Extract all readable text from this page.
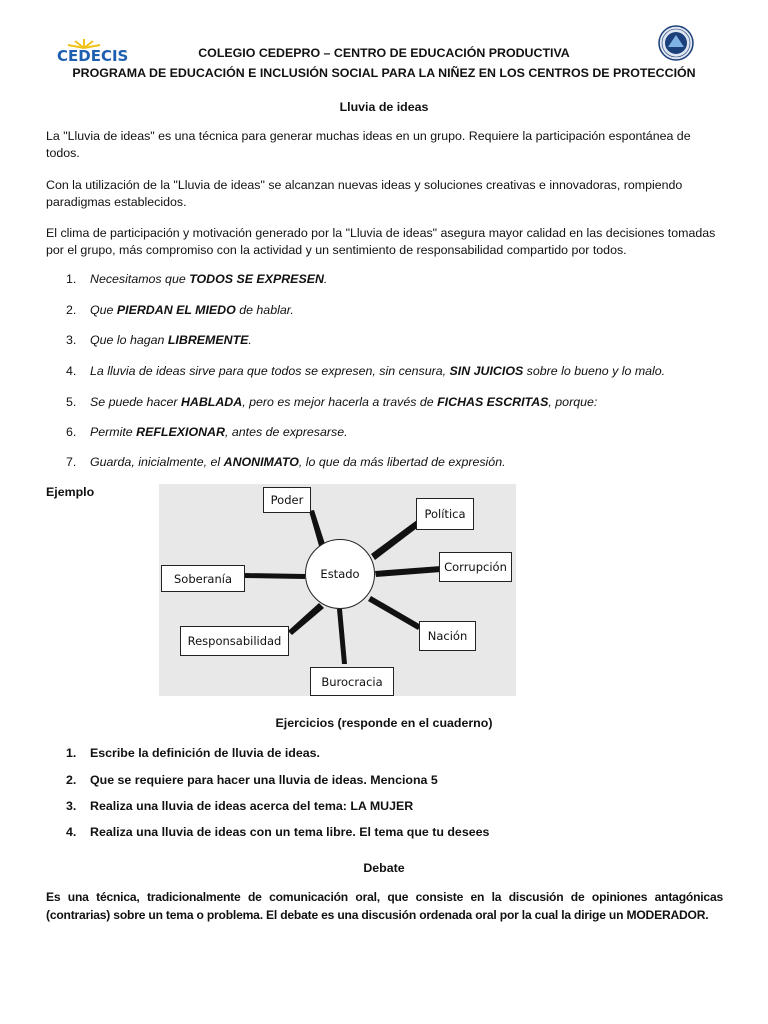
CEDECIS	COLEGIO CEDEPRO – CENTRO DE EDUCACIÓN PRODUCTIVA
PROGRAMA DE EDUCACIÓN E INCLUSIÓN SOCIAL PARA LA NIÑEZ EN LOS CENTROS DE PROTECCIÓN
Lluvia de ideas
La "Lluvia de ideas" es una técnica para generar muchas ideas en un grupo. Requiere la participación espontánea de
todos.
Con la utilización de la "Lluvia de ideas" se alcanzan nuevas ideas y soluciones creativas e innovadoras, rompiendo
paradigmas establecidos.
El clima de participación y motivación generado por la "Lluvia de ideas" asegura mayor calidad en las decisiones tomadas
por el grupo, más compromiso con la actividad y un sentimiento de responsabilidad compartido por todos.
1. Necesitamos que TODOS SE EXPRESEN.
2. Que PIERDAN EL MIEDO de hablar.
3. Que lo hagan LIBREMENTE.
4. La lluvia de ideas sirve para que todos se expresen, sin censura, SIN JUICIOS sobre lo bueno y lo malo.
5. Se puede hacer HABLADA, pero es mejor hacerla a través de FICHAS ESCRITAS, porque:
6. Permite REFLEXIONAR, antes de expresarse.
7. Guarda, inicialmente, el ANONIMATO, lo que da más libertad de expresión.
Ejemplo
Estado
Poder
Política
Soberanía
Corrupción
Responsabilidad	Nación
Burocracia
Ejercicios (responde en el cuaderno)
1. Escribe la definición de lluvia de ideas.
2. Que se requiere para hacer una lluvia de ideas. Menciona 5
3. Realiza una lluvia de ideas acerca del tema: LA MUJER
4. Realiza una lluvia de ideas con un tema libre. El tema que tu desees
Debate
Es una técnica, tradicionalmente de comunicación oral, que consiste en la discusión de opiniones antagónicas
(contrarias) sobre un tema o problema. El debate es una discusión ordenada oral por la cual la dirige un MODERADOR.
